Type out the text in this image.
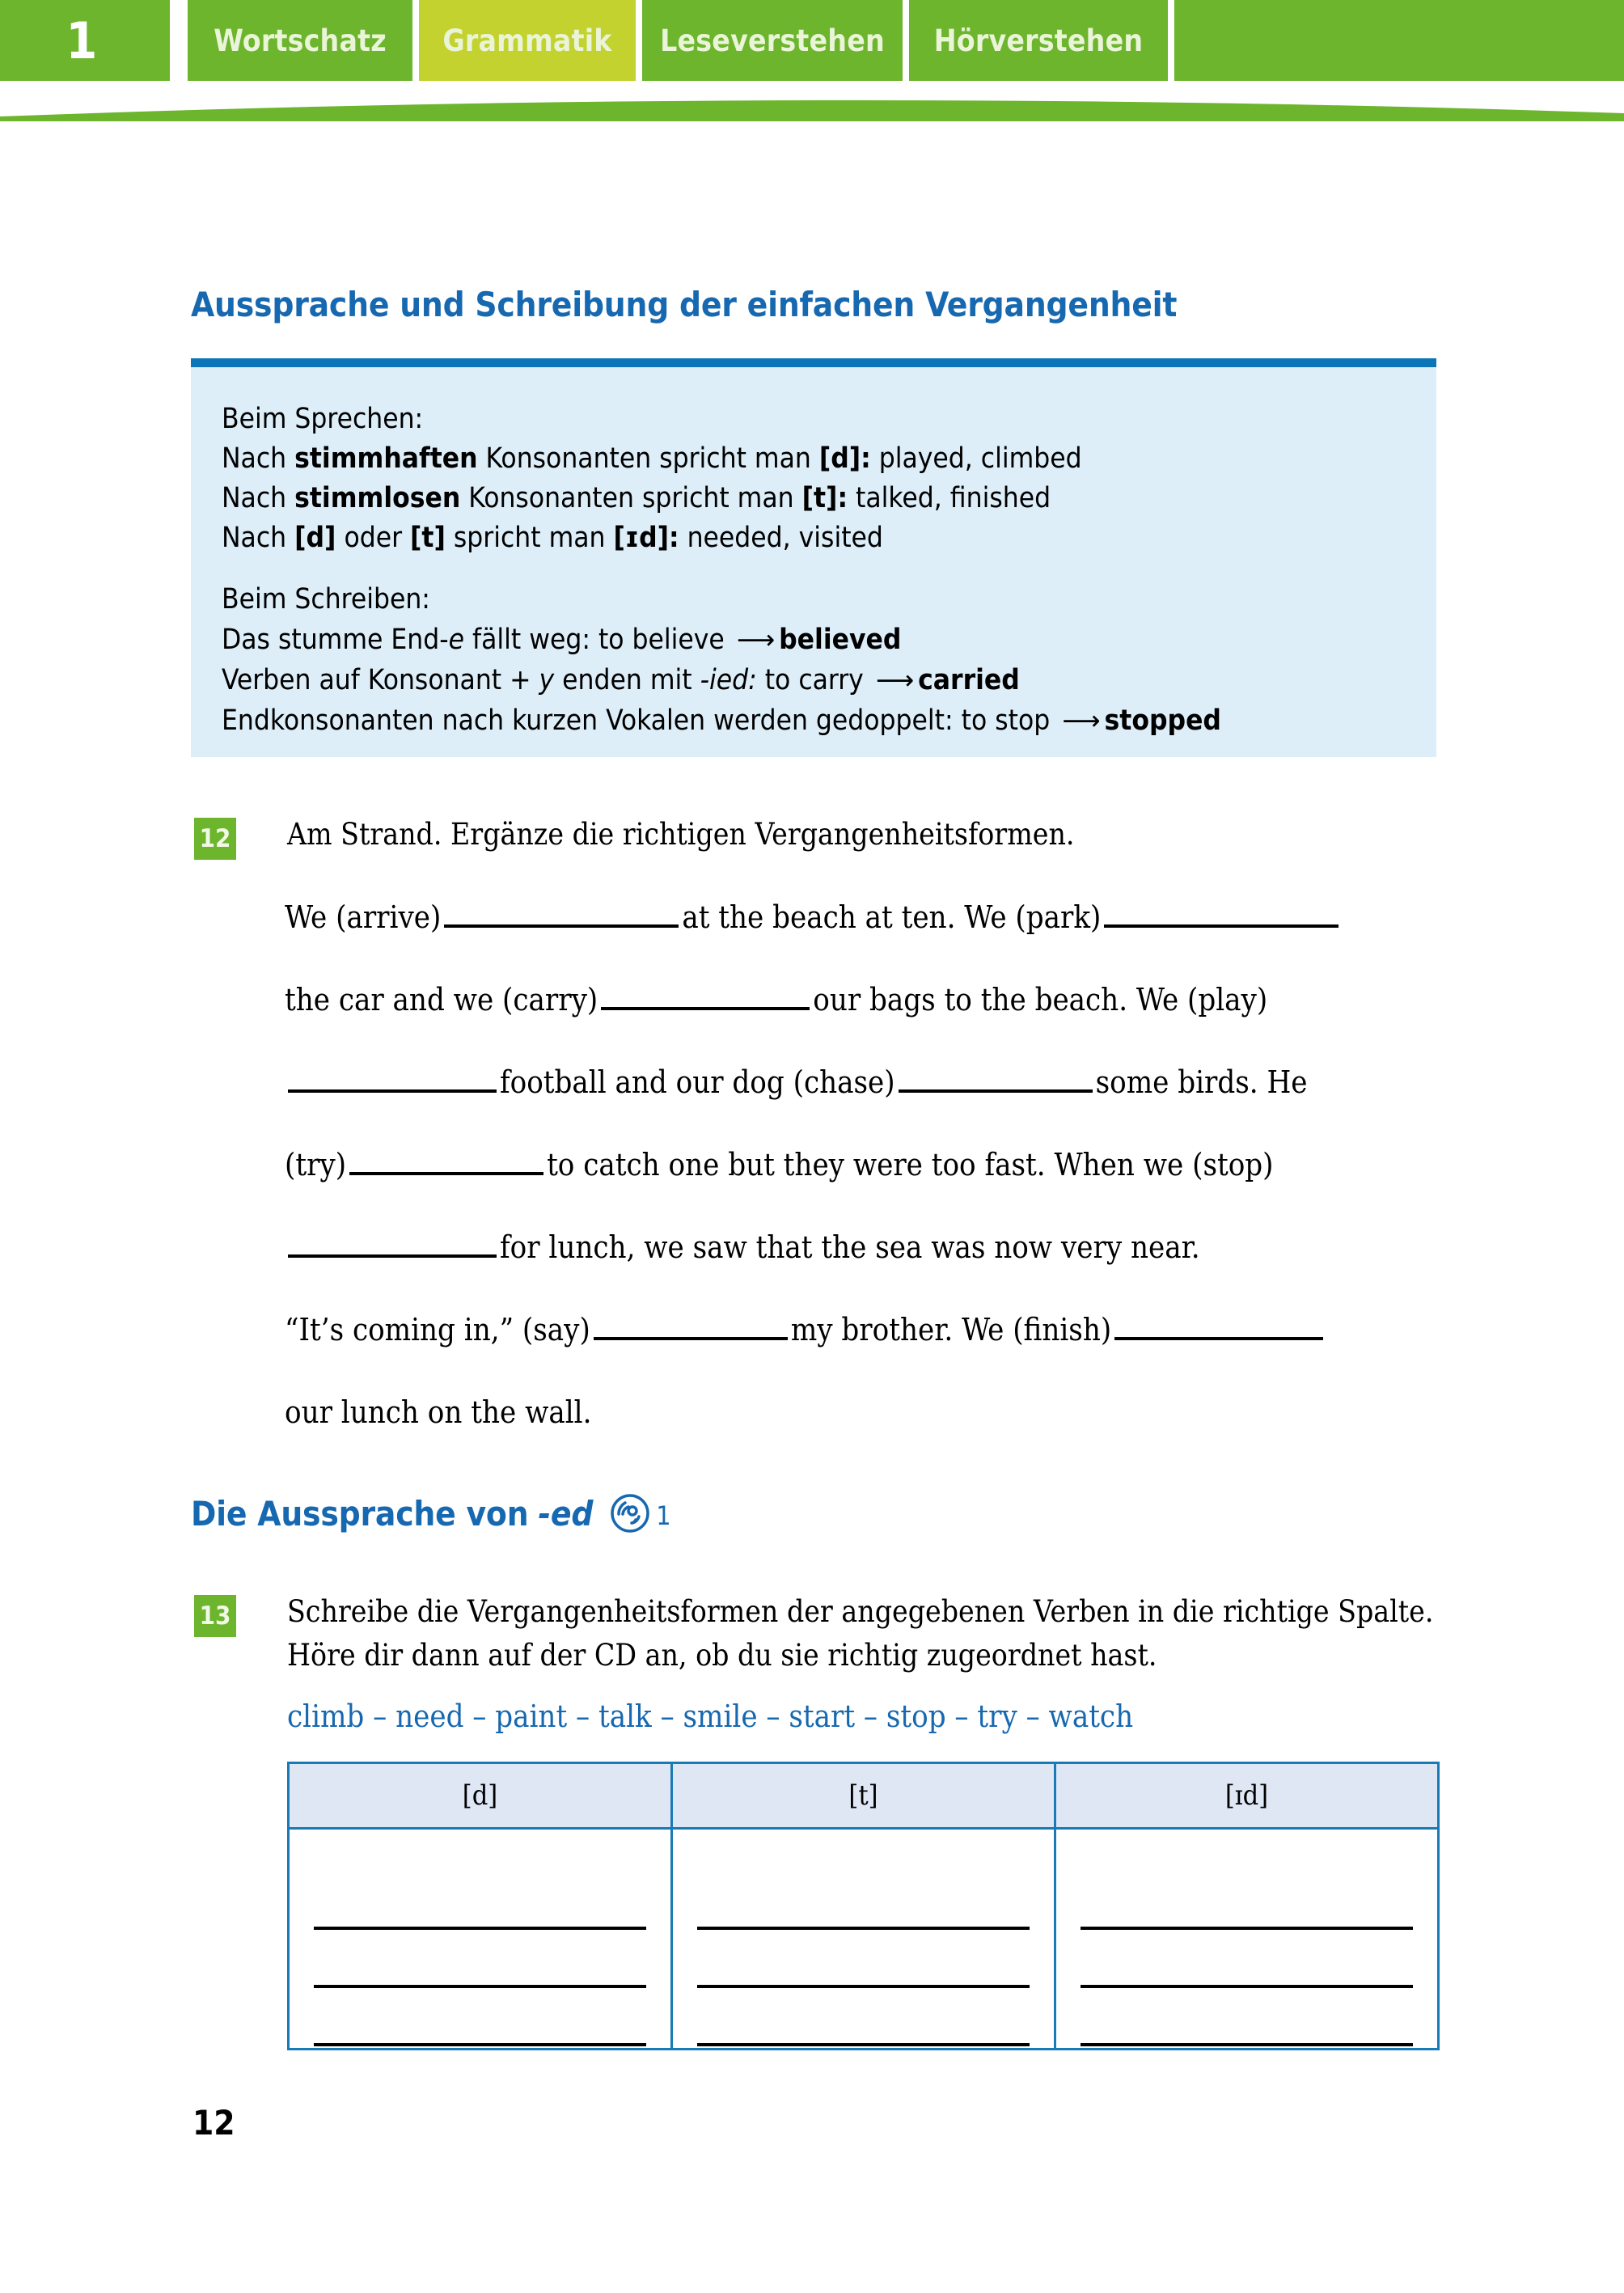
1	Wortschatz Grammatik Leseverstehen Hörverstehen
Aussprache und Schreibung der einfachen Vergangenheit
Beim Sprechen:
Nach stimmhaften Konsonanten spricht man [d]: played, climbed
Nach stimmlosen Konsonanten spricht man [t]: talked, finished
Nach [d] oder [t] spricht man [ɪd]: needed, visited
Beim Schreiben:
Das stumme End-e fällt weg: to believe ⟶ believed
Verben auf Konsonant + y enden mit -ied: to carry ⟶ carried
Endkonsonanten nach kurzen Vokalen werden gedoppelt: to stop ⟶ stopped
12 Am Strand. Ergänze die richtigen Vergangenheitsformen.
We (arrive)	at the beach at ten. We (park)
the car and we (carry)	our bags to the beach. We (play)
football and our dog (chase)	some birds. He
(try)	to catch one but they were too fast. When we (stop)
for lunch, we saw that the sea was now very near.
“It’s coming in,” (say)	my brother. We (finish)
our lunch on the wall.
Die Aussprache von -ed 1
13 Schreibe die Vergangenheitsformen der angegebenen Verben in die richtige Spalte. Höre dir dann auf der CD an, ob du sie richtig zugeordnet hast.
climb – need – paint – talk – smile – start – stop – try – watch
[d]	[t]	[ɪd]

12
